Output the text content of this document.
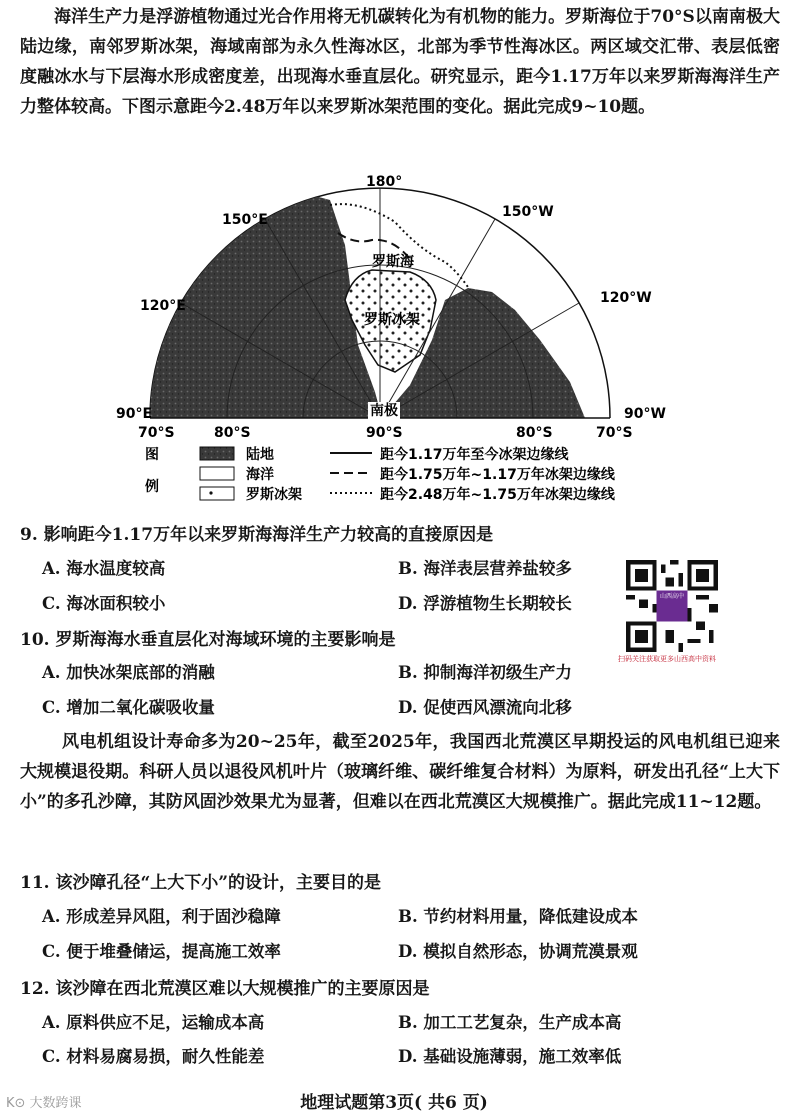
海洋生产力是浮游植物通过光合作用将无机碳转化为有机物的能力。罗斯海位于70°S以南南极大陆边缘，南邻罗斯冰架，海域南部为永久性海冰区，北部为季节性海冰区。两区域交汇带、表层低密度融冰水与下层海水形成密度差，出现海水垂直层化。研究显示，距今1.17万年以来罗斯海海洋生产力整体较高。下图示意距今2.48万年以来罗斯冰架范围的变化。据此完成9~10题。

180°
150°E	150°W
120°E	120°W
90°E	90°W
70°S	80°S	90°S	80°S	70°S
罗斯海
罗斯冰架
南极
图
例
陆地
海洋
罗斯冰架
距今1.17万年至今冰架边缘线
距今1.75万年~1.17万年冰架边缘线
距今2.48万年~1.75万年冰架边缘线

9. 影响距今1.17万年以来罗斯海海洋生产力较高的直接原因是

A. 海水温度较高	B. 海洋表层营养盐较多

C. 海冰面积较小	D. 浮游植物生长期较长	山西高中
扫码关注获取更多山西高中资料

10. 罗斯海海水垂直层化对海域环境的主要影响是

A. 加快冰架底部的消融	B. 抑制海洋初级生产力

C. 增加二氧化碳吸收量	D. 促使西风漂流向北移

风电机组设计寿命多为20~25年，截至2025年，我国西北荒漠区早期投运的风电机组已迎来大规模退役期。科研人员以退役风机叶片（玻璃纤维、碳纤维复合材料）为原料，研发出孔径“上大下小”的多孔沙障，其防风固沙效果尤为显著，但难以在西北荒漠区大规模推广。据此完成11~12题。

11. 该沙障孔径“上大下小”的设计，主要目的是

A. 形成差异风阻，利于固沙稳障	B. 节约材料用量，降低建设成本

C. 便于堆叠储运，提高施工效率	D. 模拟自然形态，协调荒漠景观

12. 该沙障在西北荒漠区难以大规模推广的主要原因是

A. 原料供应不足，运输成本高	B. 加工工艺复杂，生产成本高

C. 材料易腐易损，耐久性能差	D. 基础设施薄弱，施工效率低

地理试题第3页( 共6 页)
K⊙ 大数跨课
